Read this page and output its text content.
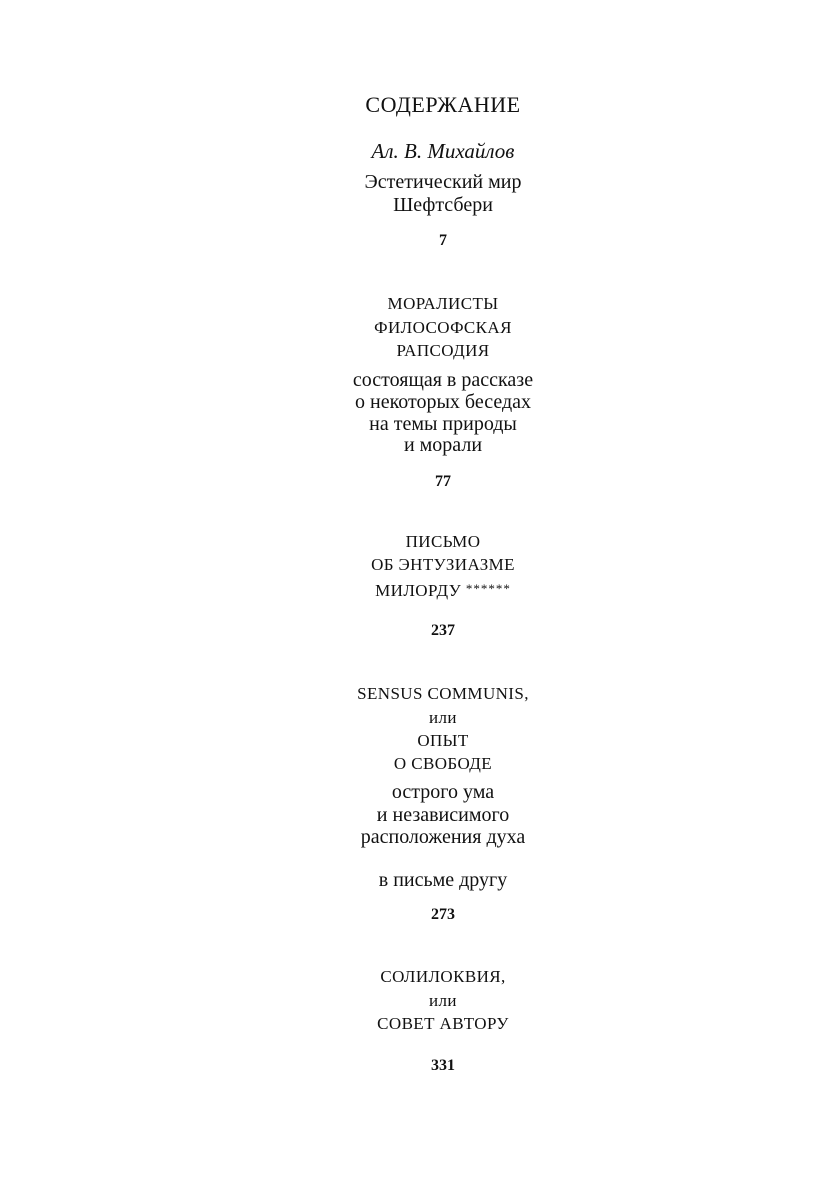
СОДЕРЖАНИЕ
Ал. В. Михайлов
Эстетический мир
Шефтсбери
7
МОРАЛИСТЫ
ФИЛОСОФСКАЯ
РАПСОДИЯ
состоящая в рассказе
о некоторых беседах
на темы природы
и морали
77
ПИСЬМО
ОБ ЭНТУЗИАЗМЕ
МИЛОРДУ ******
237
SENSUS COMMUNIS,
или
ОПЫТ
О СВОБОДЕ
острого ума
и независимого
расположения духа
в письме другу
273
СОЛИЛОКВИЯ,
или
СОВЕТ АВТОРУ
331
